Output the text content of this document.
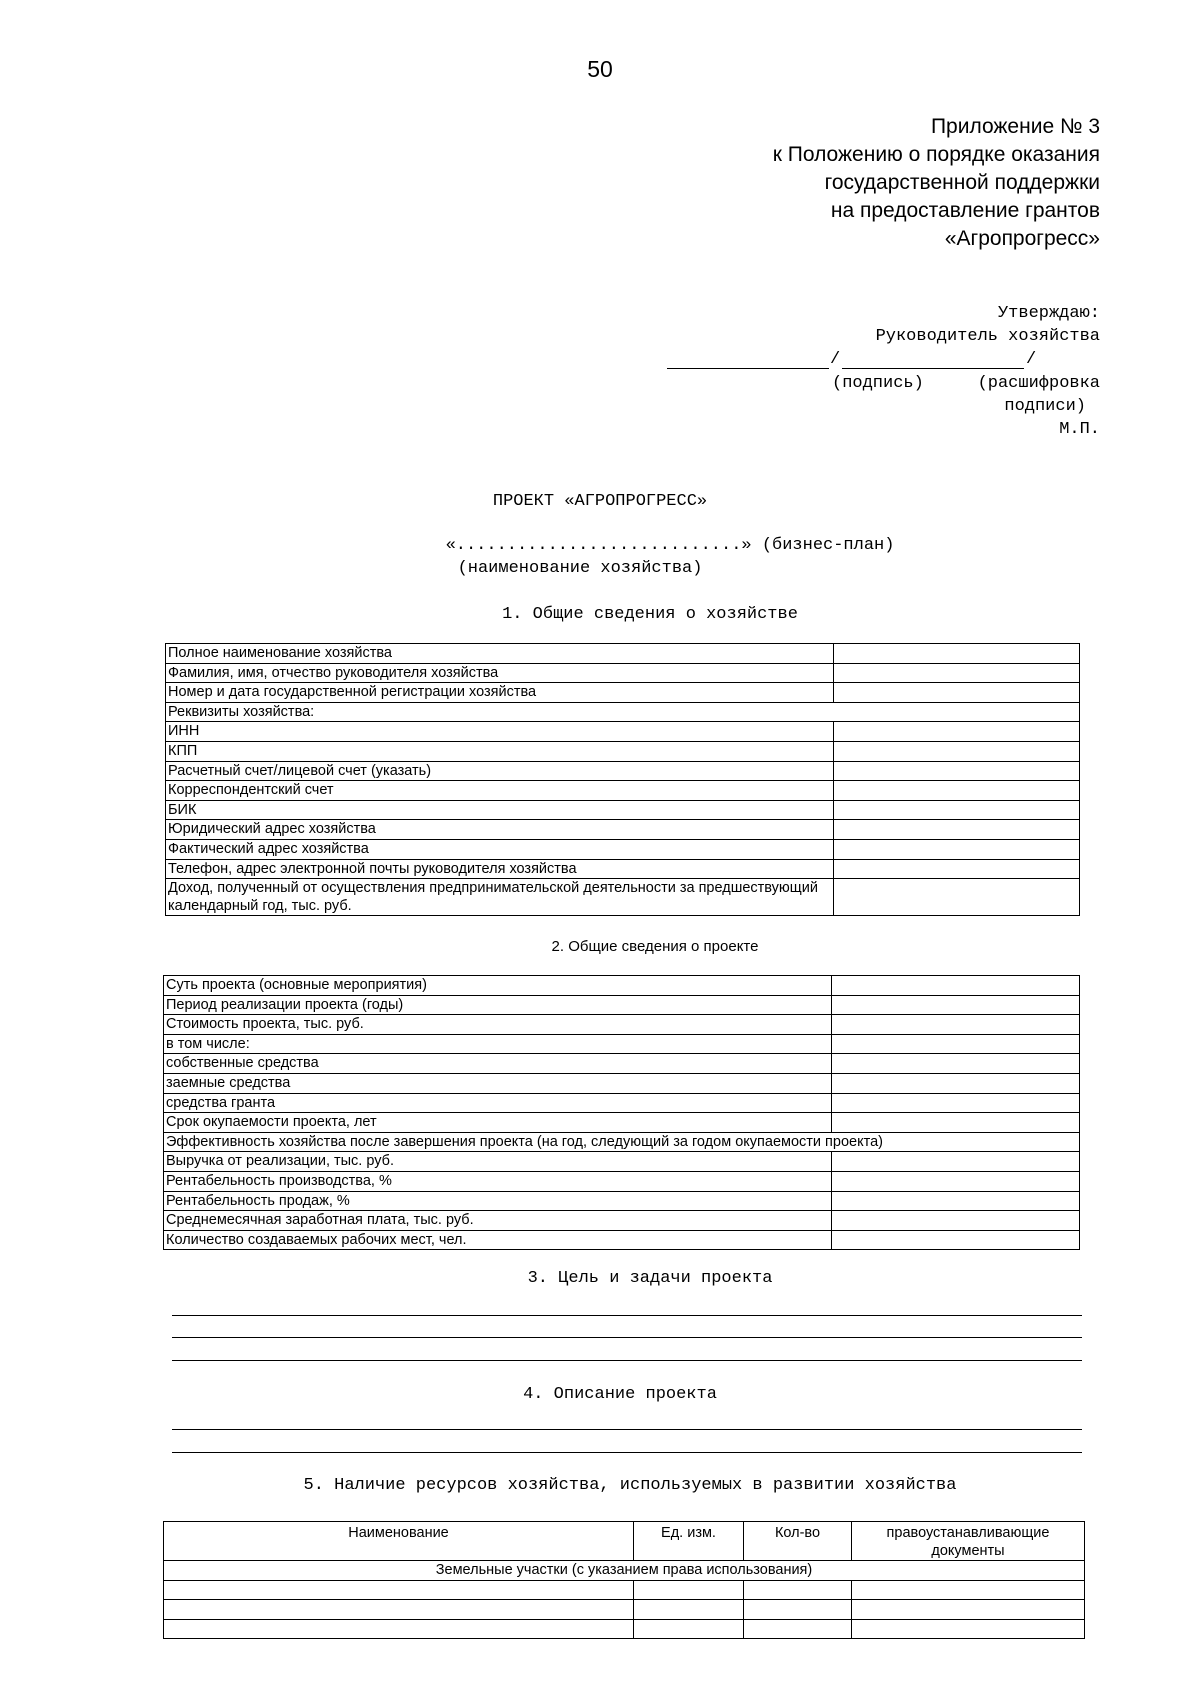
50
Приложение № 3
к Положению о порядке оказания
государственной поддержки
на предоставление грантов
«Агропрогресс»
Утверждаю:
Руководитель хозяйства
/	/
(подпись)	(расшифровка
подписи)
М.П.
ПРОЕКТ «АГРОПРОГРЕСС»
«............................» (бизнес-план)
(наименование хозяйства)
1. Общие сведения о хозяйстве
Полное наименование хозяйства	
Фамилия, имя, отчество руководителя хозяйства	
Номер и дата государственной регистрации хозяйства	
Реквизиты хозяйства:	
ИНН	
КПП	
Расчетный счет/лицевой счет (указать)	
Корреспондентский счет	
БИК	
Юридический адрес хозяйства	
Фактический адрес хозяйства	
Телефон, адрес электронной почты руководителя хозяйства	
Доход, полученный от осуществления предпринимательской деятельности за предшествующий календарный год, тыс. руб.	
2. Общие сведения о проекте
Суть проекта (основные мероприятия)	
Период реализации проекта (годы)	
Стоимость проекта, тыс. руб.	
в том числе:	
собственные средства	
заемные средства	
средства гранта	
Срок окупаемости проекта, лет	
Эффективность хозяйства после завершения проекта (на год, следующий за годом окупаемости проекта)	
Выручка от реализации, тыс. руб.	
Рентабельность производства, %	
Рентабельность продаж, %	
Среднемесячная заработная плата, тыс. руб.	
Количество создаваемых рабочих мест, чел.	
3. Цель и задачи проекта
4. Описание проекта
5. Наличие ресурсов хозяйства, используемых в развитии хозяйства
Наименование	Ед. изм.	Кол-во	правоустанавливающие документы
Земельные участки (с указанием права использования)			
